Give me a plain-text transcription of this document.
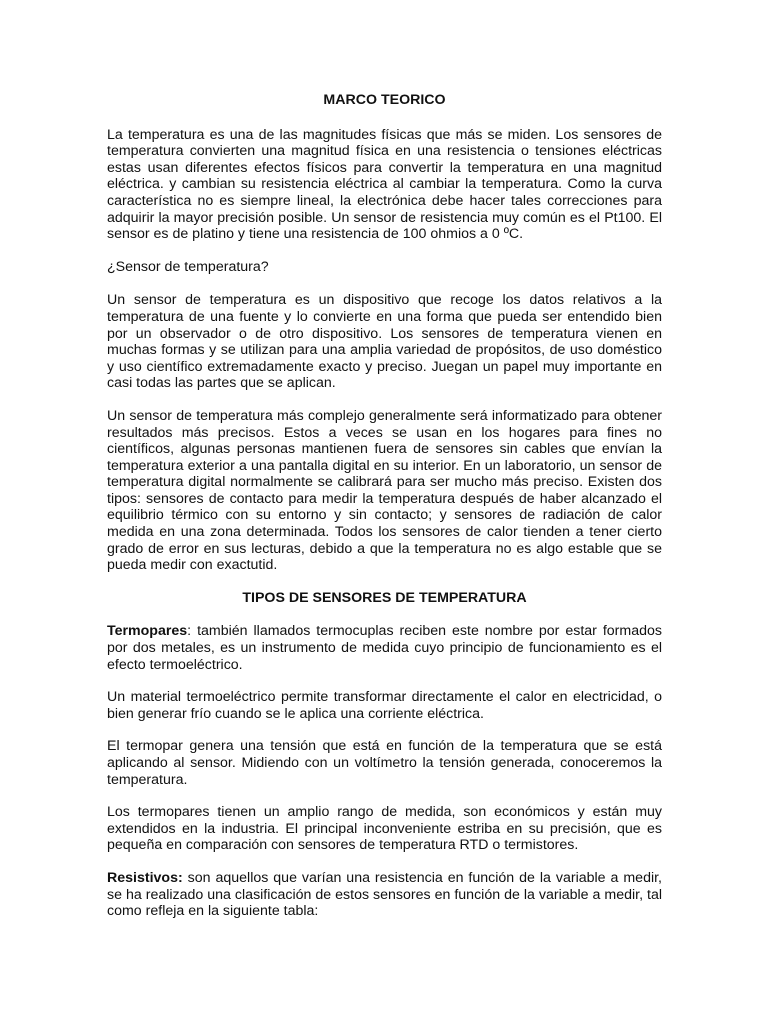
MARCO TEORICO

La temperatura es una de las magnitudes físicas que más se miden. Los sensores de temperatura convierten una magnitud física en una resistencia o tensiones eléctricas estas usan diferentes efectos físicos para convertir la temperatura en una magnitud eléctrica. y cambian su resistencia eléctrica al cambiar la temperatura. Como la curva característica no es siempre lineal, la electrónica debe hacer tales correcciones para adquirir la mayor precisión posible. Un sensor de resistencia muy común es el Pt100. El sensor es de platino y tiene una resistencia de 100 ohmios a 0 ºC.

¿Sensor de temperatura?

Un sensor de temperatura es un dispositivo que recoge los datos relativos a la temperatura de una fuente y lo convierte en una forma que pueda ser entendido bien por un observador o de otro dispositivo. Los sensores de temperatura vienen en muchas formas y se utilizan para una amplia variedad de propósitos, de uso doméstico y uso científico extremadamente exacto y preciso. Juegan un papel muy importante en casi todas las partes que se aplican.

Un sensor de temperatura más complejo generalmente será informatizado para obtener resultados más precisos. Estos a veces se usan en los hogares para fines no científicos, algunas personas mantienen fuera de sensores sin cables que envían la temperatura exterior a una pantalla digital en su interior. En un laboratorio, un sensor de temperatura digital normalmente se calibrará para ser mucho más preciso. Existen dos tipos: sensores de contacto para medir la temperatura después de haber alcanzado el equilibrio térmico con su entorno y sin contacto; y sensores de radiación de calor medida en una zona determinada. Todos los sensores de calor tienden a tener cierto grado de error en sus lecturas, debido a que la temperatura no es algo estable que se pueda medir con exactutid.

TIPOS DE SENSORES DE TEMPERATURA

Termopares: también llamados termocuplas reciben este nombre por estar formados por dos metales, es un instrumento de medida cuyo principio de funcionamiento es el efecto termoeléctrico.

Un material termoeléctrico permite transformar directamente el calor en electricidad, o bien generar frío cuando se le aplica una corriente eléctrica.

El termopar genera una tensión que está en función de la temperatura que se está aplicando al sensor. Midiendo con un voltímetro la tensión generada, conoceremos la temperatura.

Los termopares tienen un amplio rango de medida, son económicos y están muy extendidos en la industria. El principal inconveniente estriba en su precisión, que es pequeña en comparación con sensores de temperatura RTD o termistores.

Resistivos: son aquellos que varían una resistencia en función de la variable a medir, se ha realizado una clasificación de estos sensores en función de la variable a medir, tal como refleja en la siguiente tabla:
